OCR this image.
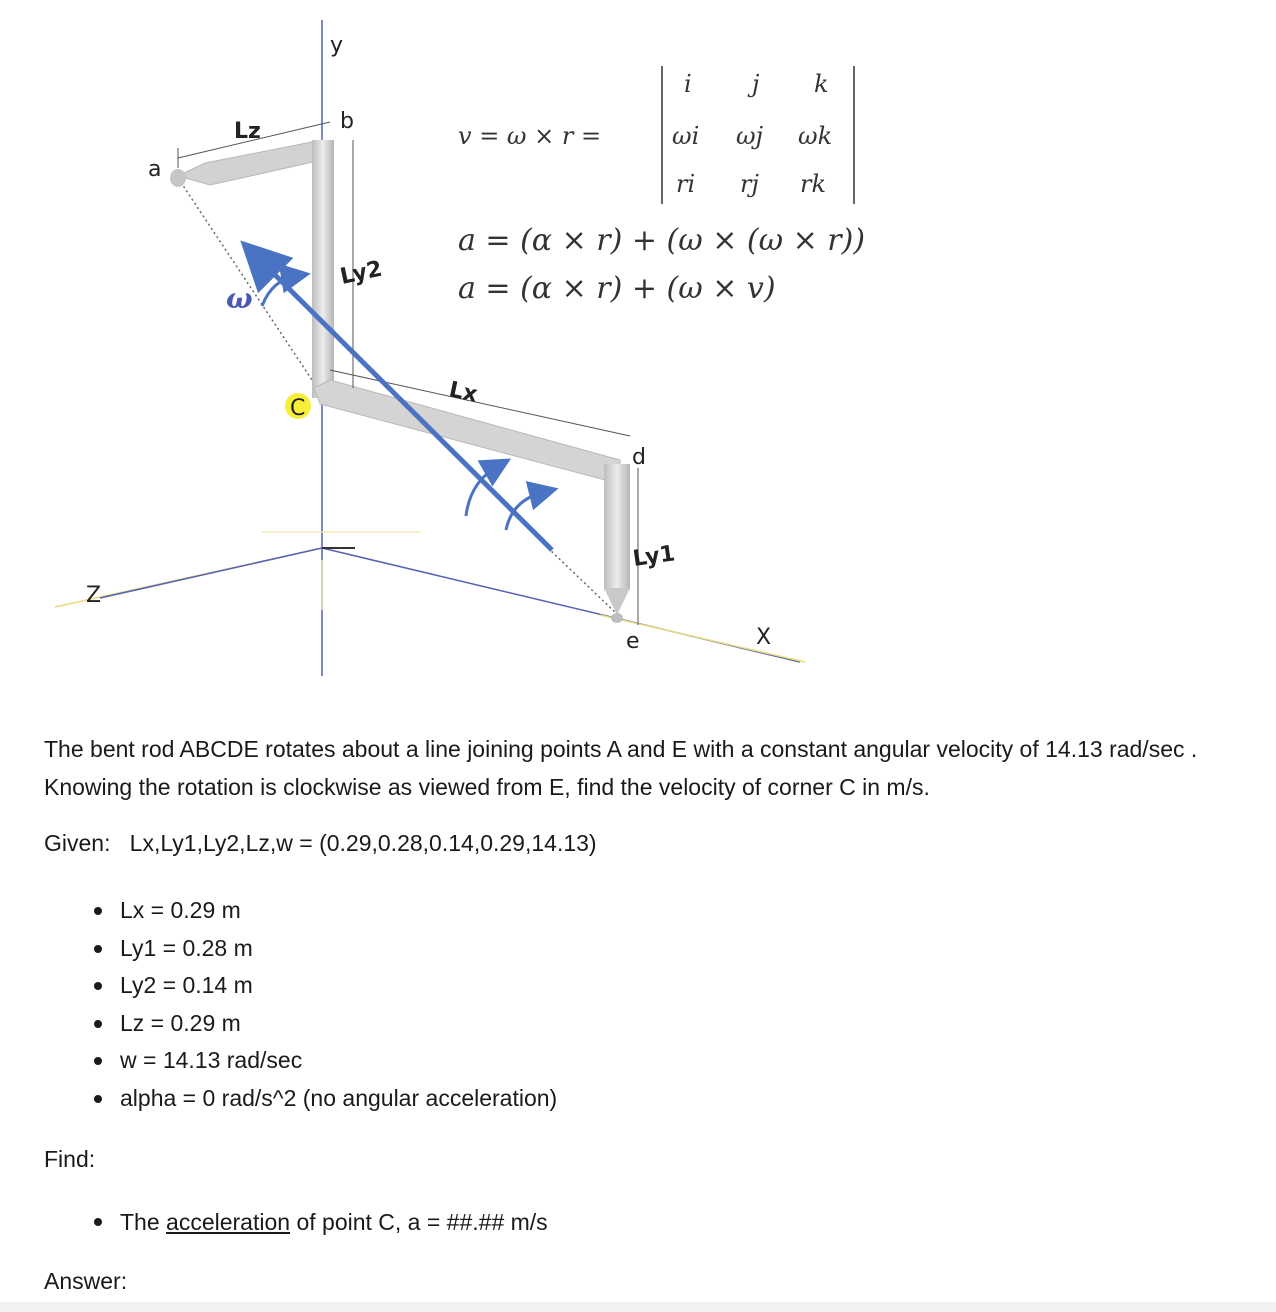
y
Z
X
a
b
C
d
e
Lz
Ly2
Lx
Ly1
ω
v = ω × r =
i	j k
ωi ωj ωk
ri rj rk
a = (α × r) + (ω × (ω × r))
a = (α × r) + (ω × v)
The bent rod ABCDE rotates about a line joining points A and E with a constant angular velocity of 14.13 rad/sec . Knowing the rotation is clockwise as viewed from E, find the velocity of corner C in m/s.
Given: Lx,Ly1,Ly2,Lz,w = (0.29,0.28,0.14,0.29,14.13)
Lx = 0.29 m
Ly1 = 0.28 m
Ly2 = 0.14 m
Lz = 0.29 m
w = 14.13 rad/sec
alpha = 0 rad/s^2 (no angular acceleration)
Find:
The acceleration of point C, a = ##.## m/s
Answer:
